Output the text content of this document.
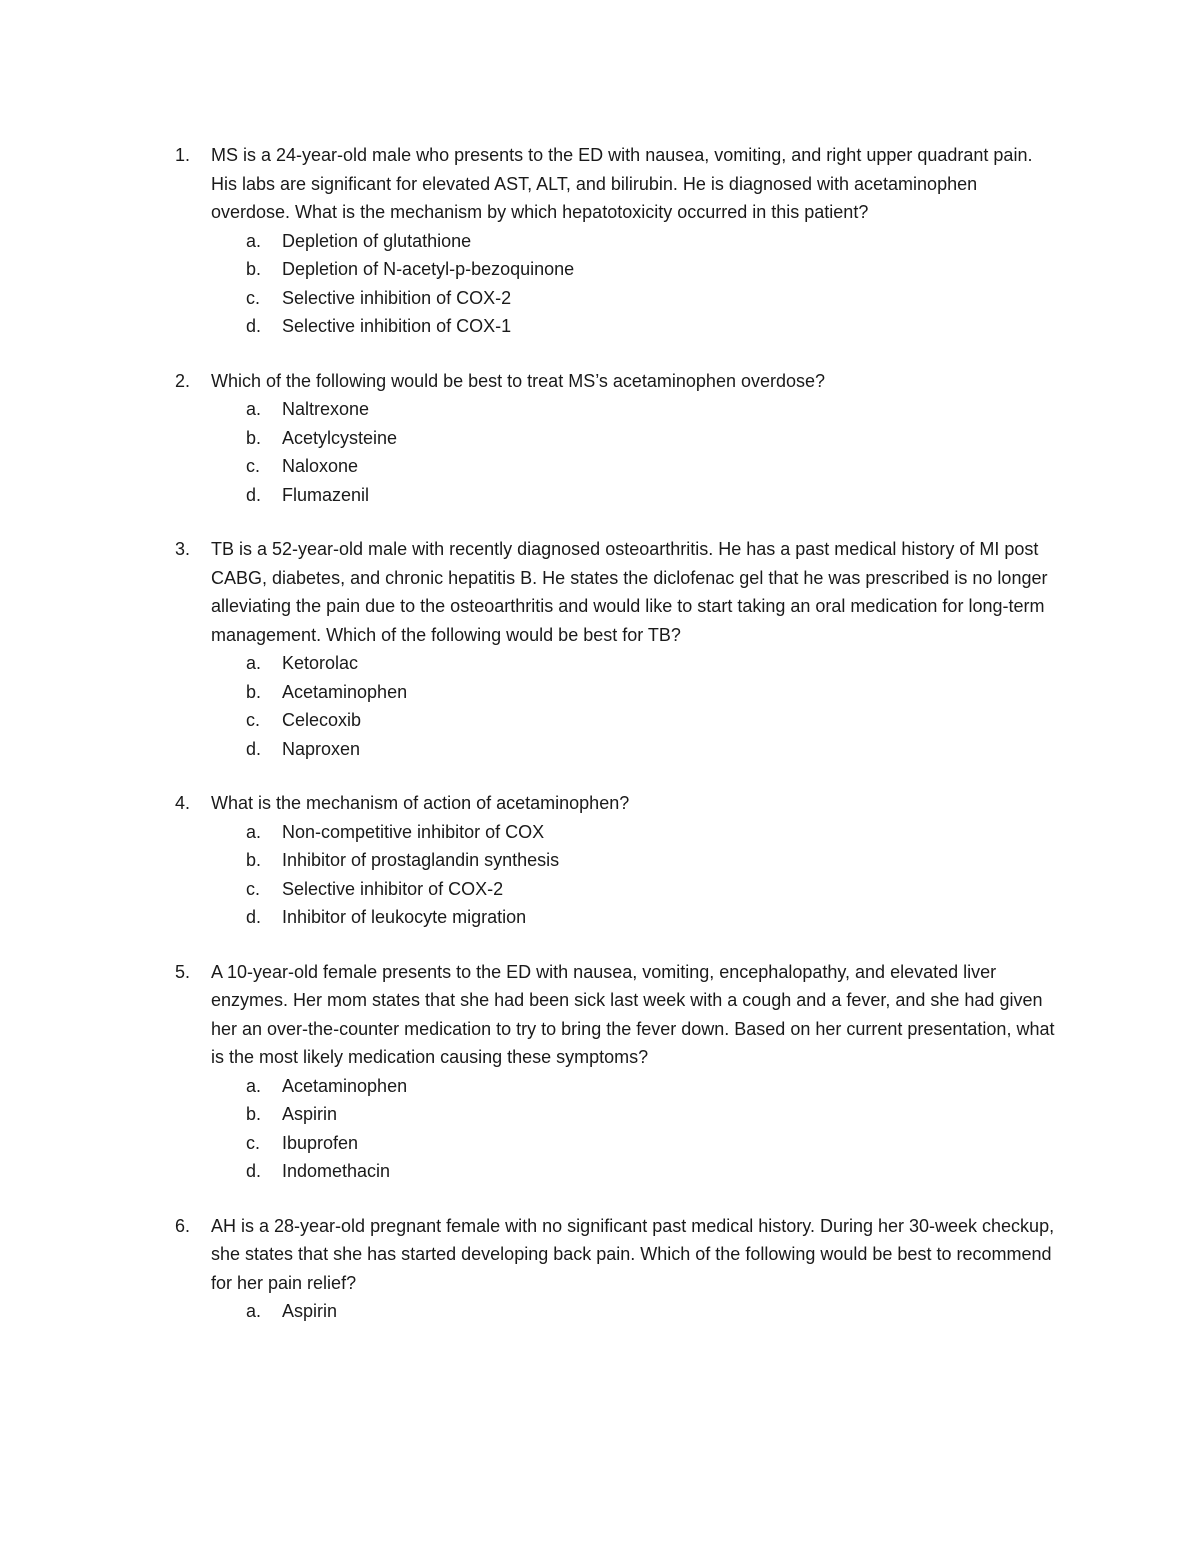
1.	MS is a 24-year-old male who presents to the ED with nausea, vomiting, and right upper quadrant pain. His labs are significant for elevated AST, ALT, and bilirubin. He is diagnosed with acetaminophen overdose. What is the mechanism by which hepatotoxicity occurred in this patient?
a.	Depletion of glutathione
b.	Depletion of N-acetyl-p-bezoquinone
c.	Selective inhibition of COX-2
d.	Selective inhibition of COX-1
2.	Which of the following would be best to treat MS’s acetaminophen overdose?
a.	Naltrexone
b.	Acetylcysteine
c.	Naloxone
d.	Flumazenil
3.	TB is a 52-year-old male with recently diagnosed osteoarthritis. He has a past medical history of MI post CABG, diabetes, and chronic hepatitis B. He states the diclofenac gel that he was prescribed is no longer alleviating the pain due to the osteoarthritis and would like to start taking an oral medication for long-term management. Which of the following would be best for TB?
a.	Ketorolac
b.	Acetaminophen
c.	Celecoxib
d.	Naproxen
4.	What is the mechanism of action of acetaminophen?
a.	Non-competitive inhibitor of COX
b.	Inhibitor of prostaglandin synthesis
c.	Selective inhibitor of COX-2
d.	Inhibitor of leukocyte migration
5.	A 10-year-old female presents to the ED with nausea, vomiting, encephalopathy, and elevated liver enzymes. Her mom states that she had been sick last week with a cough and a fever, and she had given her an over-the-counter medication to try to bring the fever down. Based on her current presentation, what is the most likely medication causing these symptoms?
a.	Acetaminophen
b.	Aspirin
c.	Ibuprofen
d.	Indomethacin
6.	AH is a 28-year-old pregnant female with no significant past medical history. During her 30-week checkup, she states that she has started developing back pain. Which of the following would be best to recommend for her pain relief?
a.	Aspirin
